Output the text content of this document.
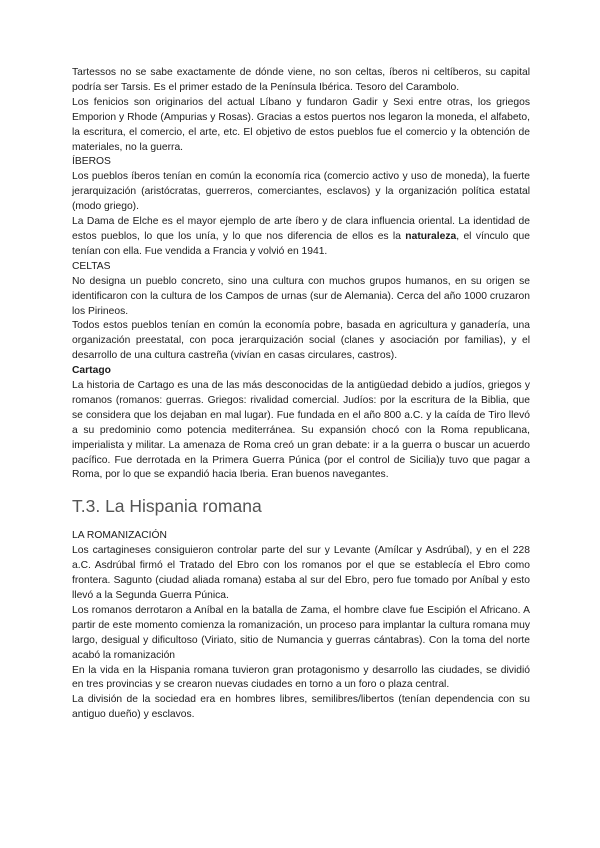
Tartessos no se sabe exactamente de dónde viene, no son celtas, íberos ni celtíberos, su capital podría ser Tarsis. Es el primer estado de la Península Ibérica. Tesoro del Carambolo.

Los fenicios son originarios del actual Líbano y fundaron Gadir y Sexi entre otras, los griegos Emporion y Rhode (Ampurias y Rosas). Gracias a estos puertos nos legaron la moneda, el alfabeto, la escritura, el comercio, el arte, etc. El objetivo de estos pueblos fue el comercio y la obtención de materiales, no la guerra.

ÍBEROS

Los pueblos íberos tenían en común la economía rica (comercio activo y uso de moneda), la fuerte jerarquización (aristócratas, guerreros, comerciantes, esclavos) y la organización política estatal (modo griego).

La Dama de Elche es el mayor ejemplo de arte íbero y de clara influencia oriental. La identidad de estos pueblos, lo que los unía, y lo que nos diferencia de ellos es la naturaleza, el vínculo que tenían con ella. Fue vendida a Francia y volvió en 1941.

CELTAS

No designa un pueblo concreto, sino una cultura con muchos grupos humanos, en su origen se identificaron con la cultura de los Campos de urnas (sur de Alemania). Cerca del año 1000 cruzaron los Pirineos.

Todos estos pueblos tenían en común la economía pobre, basada en agricultura y ganadería, una organización preestatal, con poca jerarquización social (clanes y asociación por familias), y el desarrollo de una cultura castreña (vivían en casas circulares, castros).

Cartago

La historia de Cartago es una de las más desconocidas de la antigüedad debido a judíos, griegos y romanos (romanos: guerras. Griegos: rivalidad comercial. Judíos: por la escritura de la Biblia, que se considera que los dejaban en mal lugar). Fue fundada en el año 800 a.C. y la caída de Tiro llevó a su predominio como potencia mediterránea. Su expansión chocó con la Roma republicana, imperialista y militar. La amenaza de Roma creó un gran debate: ir a la guerra o buscar un acuerdo pacífico. Fue derrotada en la Primera Guerra Púnica (por el control de Sicilia)y tuvo que pagar a Roma, por lo que se expandió hacia Iberia. Eran buenos navegantes.

T.3. La Hispania romana

LA ROMANIZACIÓN

Los cartagineses consiguieron controlar parte del sur y Levante (Amílcar y Asdrúbal), y en el 228 a.C. Asdrúbal firmó el Tratado del Ebro con los romanos por el que se establecía el Ebro como frontera. Sagunto (ciudad aliada romana) estaba al sur del Ebro, pero fue tomado por Aníbal y esto llevó a la Segunda Guerra Púnica.

Los romanos derrotaron a Aníbal en la batalla de Zama, el hombre clave fue Escipión el Africano. A partir de este momento comienza la romanización, un proceso para implantar la cultura romana muy largo, desigual y dificultoso (Viriato, sitio de Numancia y guerras cántabras). Con la toma del norte acabó la romanización

En la vida en la Hispania romana tuvieron gran protagonismo y desarrollo las ciudades, se dividió en tres provincias y se crearon nuevas ciudades en torno a un foro o plaza central.

La división de la sociedad era en hombres libres, semilibres/libertos (tenían dependencia con su antiguo dueño) y esclavos.
